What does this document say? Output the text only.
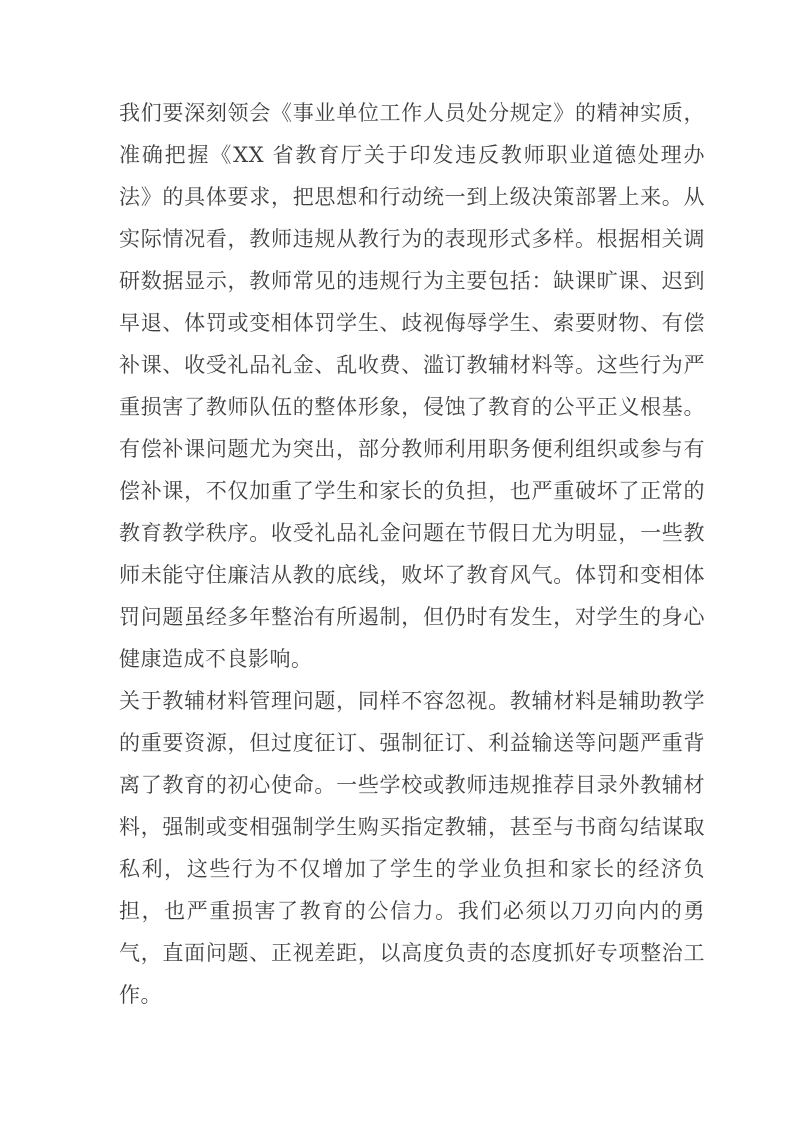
我们要深刻领会《事业单位工作人员处分规定》的精神实质，准确把握《XX 省教育厅关于印发违反教师职业道德处理办法》的具体要求，把思想和行动统一到上级决策部署上来。从实际情况看，教师违规从教行为的表现形式多样。根据相关调研数据显示，教师常见的违规行为主要包括：缺课旷课、迟到早退、体罚或变相体罚学生、歧视侮辱学生、索要财物、有偿补课、收受礼品礼金、乱收费、滥订教辅材料等。这些行为严重损害了教师队伍的整体形象，侵蚀了教育的公平正义根基。有偿补课问题尤为突出，部分教师利用职务便利组织或参与有偿补课，不仅加重了学生和家长的负担，也严重破坏了正常的教育教学秩序。收受礼品礼金问题在节假日尤为明显，一些教师未能守住廉洁从教的底线，败坏了教育风气。体罚和变相体罚问题虽经多年整治有所遏制，但仍时有发生，对学生的身心健康造成不良影响。

关于教辅材料管理问题，同样不容忽视。教辅材料是辅助教学的重要资源，但过度征订、强制征订、利益输送等问题严重背离了教育的初心使命。一些学校或教师违规推荐目录外教辅材料，强制或变相强制学生购买指定教辅，甚至与书商勾结谋取私利，这些行为不仅增加了学生的学业负担和家长的经济负担，也严重损害了教育的公信力。我们必须以刀刃向内的勇气，直面问题、正视差距，以高度负责的态度抓好专项整治工作。
